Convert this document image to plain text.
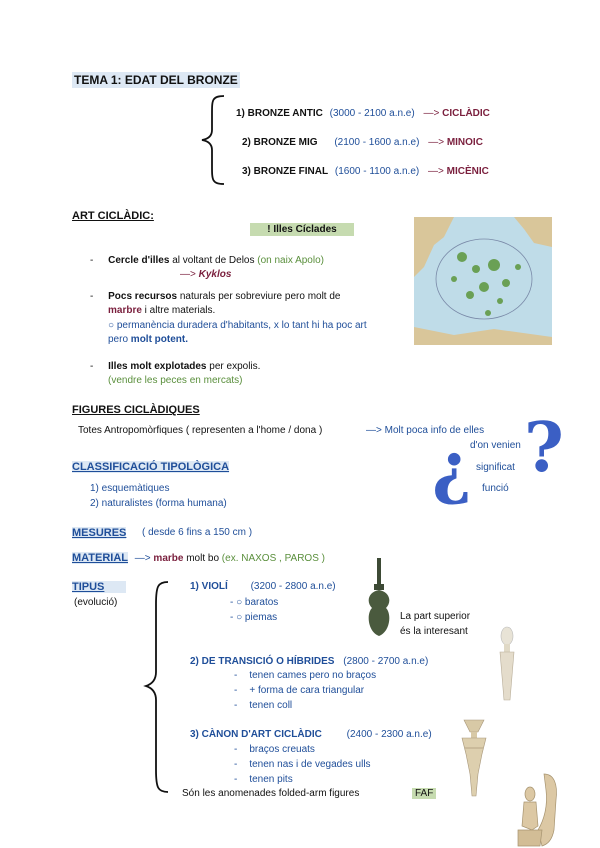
TEMA 1: EDAT DEL BRONZE
1) BRONZE ANTIC (3000 - 2100 a.n.e) —> CICLÀDIC
2) BRONZE MIG (2100 - 1600 a.n.e) —> MINOIC
3) BRONZE FINAL (1600 - 1100 a.n.e) —> MICÈNIC
ART CICLÀDIC:
! Illes Cíclades
- Cercle d'illes al voltant de Delos (on naix Apolo)
—> Kyklos
- Pocs recursos naturals per sobreviure pero molt de
marbre i altre materials.
○ permanència duradera d'habitants, x lo tant hi ha poc art
pero molt potent.
- Illes molt explotades per expolis.
(vendre les peces en mercats)
FIGURES CICLÀDIQUES
Totes Antropomòrfiques ( representen a l'home / dona )	—> Molt poca info de elles
¿ ?
d'on venien
significat
funció
CLASSIFICACIÓ TIPOLÒGICA
1) esquemàtiques
2) naturalistes (forma humana)
MESURES ( desde 6 fins a 150 cm )
MATERIAL —> marbe molt bo (ex. NAXOS , PAROS )
TIPUS
(evolució)
1) VIOLÍ (3200 - 2800 a.n.e)
- ○ baratos
- ○ piemas	La part superior
és la interesant
2) DE TRANSICIÓ O HÍBRIDES (2800 - 2700 a.n.e)
- tenen cames pero no braços
- + forma de cara triangular
- tenen coll
3) CÀNON D'ART CICLÀDIC (2400 - 2300 a.n.e)
- braços creuats
- tenen nas i de vegades ulls
- tenen pits
Són les anomenades folded-arm figures	FAF
